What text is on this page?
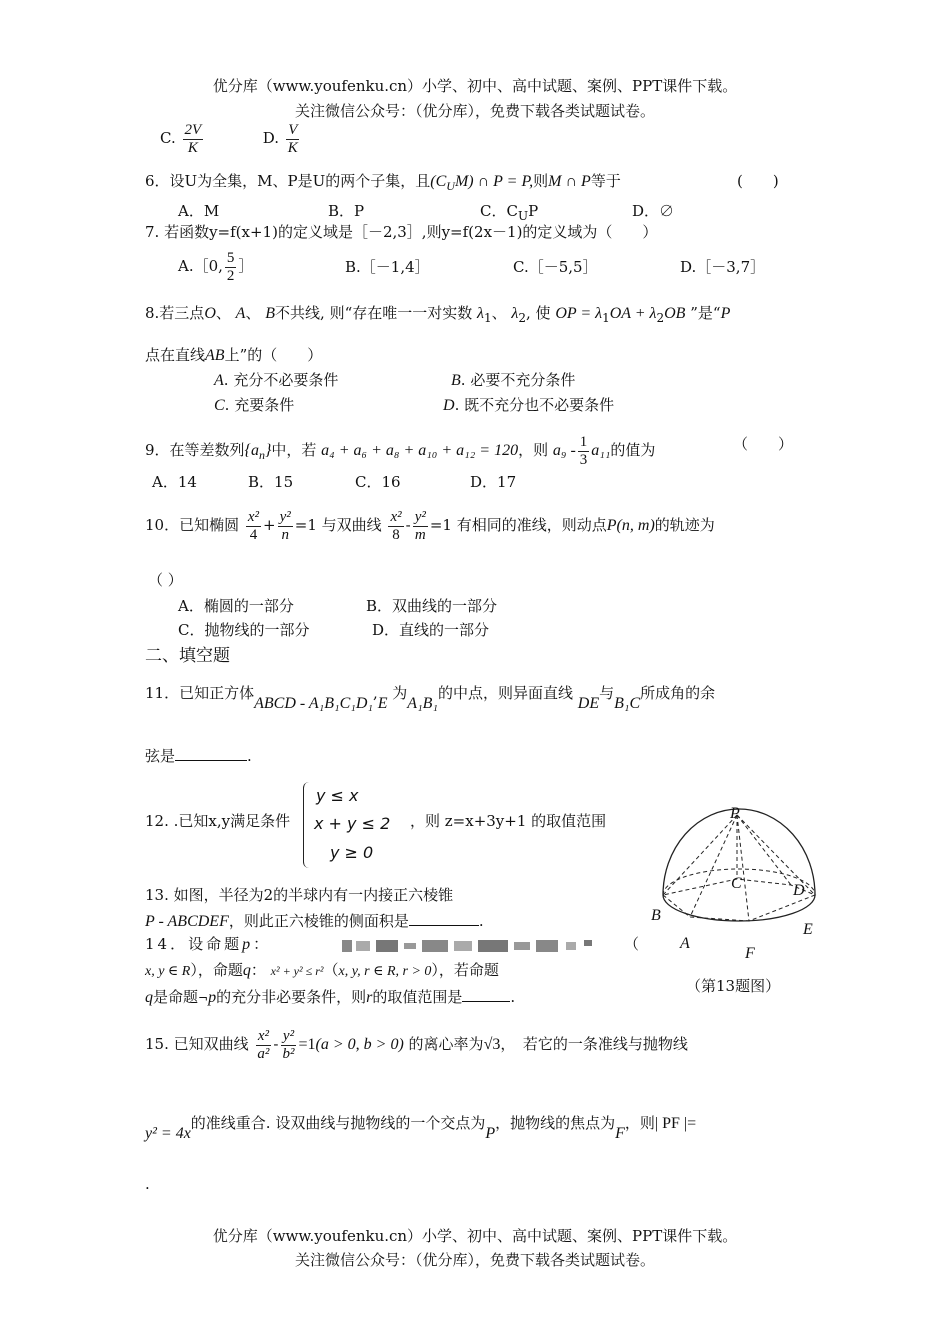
优分库（www.youfenku.cn）小学、初中、高中试题、案例、PPT课件下载。
关注微信公众号：（优分库），免费下载各类试题试卷。
C. $\frac{2V}{K}$	D. $\frac{V}{K}$
6．设U为全集，M、P是U的两个子集，且$(C_UM)$ ∩ P = P,则M ∩ P等于	(　　)
A．M	B．P	C．$C_UP$	D．∅
7. 若函数y=f(x+1)的定义域是［－2,3］,则y=f(2x－1)的定义域为（　　）
A.［0, $\frac{5}{2}$ ］	B.［－1,4］	C.［－5,5］	D.［－3,7］
8.若三点O、 A、 B不共线, 则“存在唯一一对实数 $\lambda_1$、 $\lambda_2$, 使 OP = $\lambda_1OA + \lambda_2OB$ ”是“P
点在直线AB上”的（　　）
A. 充分不必要条件	B. 必要不充分条件
C. 充要条件	D. 既不充分也不必要条件
9．在等差数列$\{a_n\}$中，若 a₄ + a₆ + a₈ + a₁₀ + a₁₂ = 120，则 $a_9 - \frac{1}{3} a_{11}$的值为	（　　）
A．14	B．15	C．16	D．17
10．已知椭圆 $\frac{\text{x²}}{4} + \frac{\text{y²}}{n} =1$ 与双曲线 $\frac{\text{x²}}{8} - \frac{\text{y²}}{m} =1$ 有相同的准线，则动点P(n, m)的轨迹为
（ ）
A．椭圆的一部分	B．双曲线的一部分
C．抛物线的一部分	D．直线的一部分
二、填空题
11．已知正方体ABCD - A₁B₁C₁D₁,E 为A₁B₁的中点，则异面直线 DE与B₁C所成角的余
弦是	.
12. .已知x,y满足条件
y ≤ x
x + y ≤ 2
y ≥ 0
，则 z=x+3y+1 的取值范围
13. 如图，半径为2的半球内有一内接正六棱锥
P - ABCDEF，则此正六棱锥的侧面积是	.
14．设命题p：	（
x, y ∈ R），命题q： x² + y² ≤ r²（x, y, r ∈ R, r > 0），若命题
q是命题¬p的充分非必要条件，则r的取值范围是	.
15. 已知双曲线 $\frac{\text{x²}}{\text{a²}} - \frac{\text{y²}}{\text{b²}} =1(a > 0$, b > 0) 的离心率为√3，　若它的一条准线与抛物线
y² = 4x的准线重合. 设双曲线与抛物线的一个交点为P，抛物线的焦点为F，则| PF |=
.
P
C	D
B
A
F
E
（第13题图）
优分库（www.youfenku.cn）小学、初中、高中试题、案例、PPT课件下载。
关注微信公众号：（优分库），免费下载各类试题试卷。
